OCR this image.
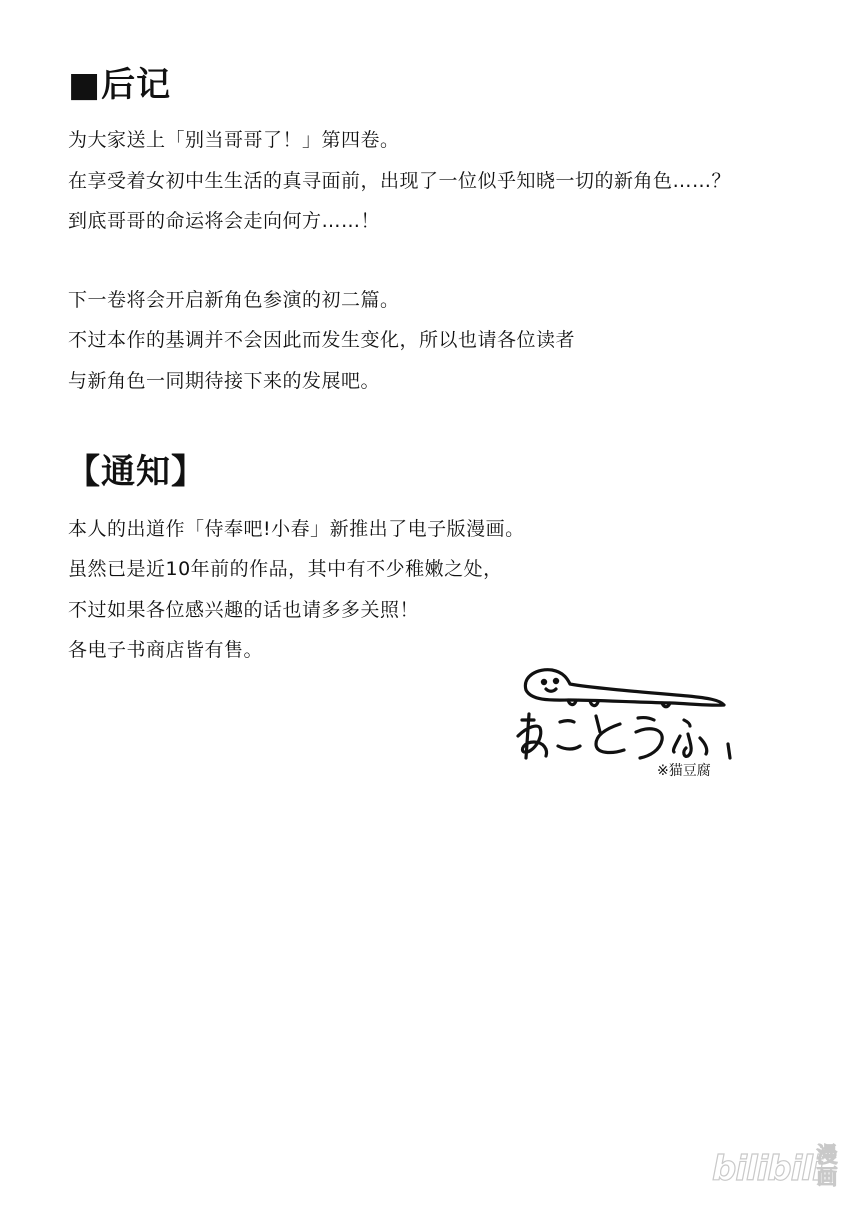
■后记
为大家送上「别当哥哥了！」第四卷。
在享受着女初中生生活的真寻面前，出现了一位似乎知晓一切的新角色……？
到底哥哥的命运将会走向何方……！
下一卷将会开启新角色参演的初二篇。
不过本作的基调并不会因此而发生变化，所以也请各位读者
与新角色一同期待接下来的发展吧。
【通知】
本人的出道作「侍奉吧!小春」新推出了电子版漫画。
虽然已是近10年前的作品，其中有不少稚嫩之处，
不过如果各位感兴趣的话也请多多关照！
各电子书商店皆有售。
※猫豆腐
bilibili
漫画
